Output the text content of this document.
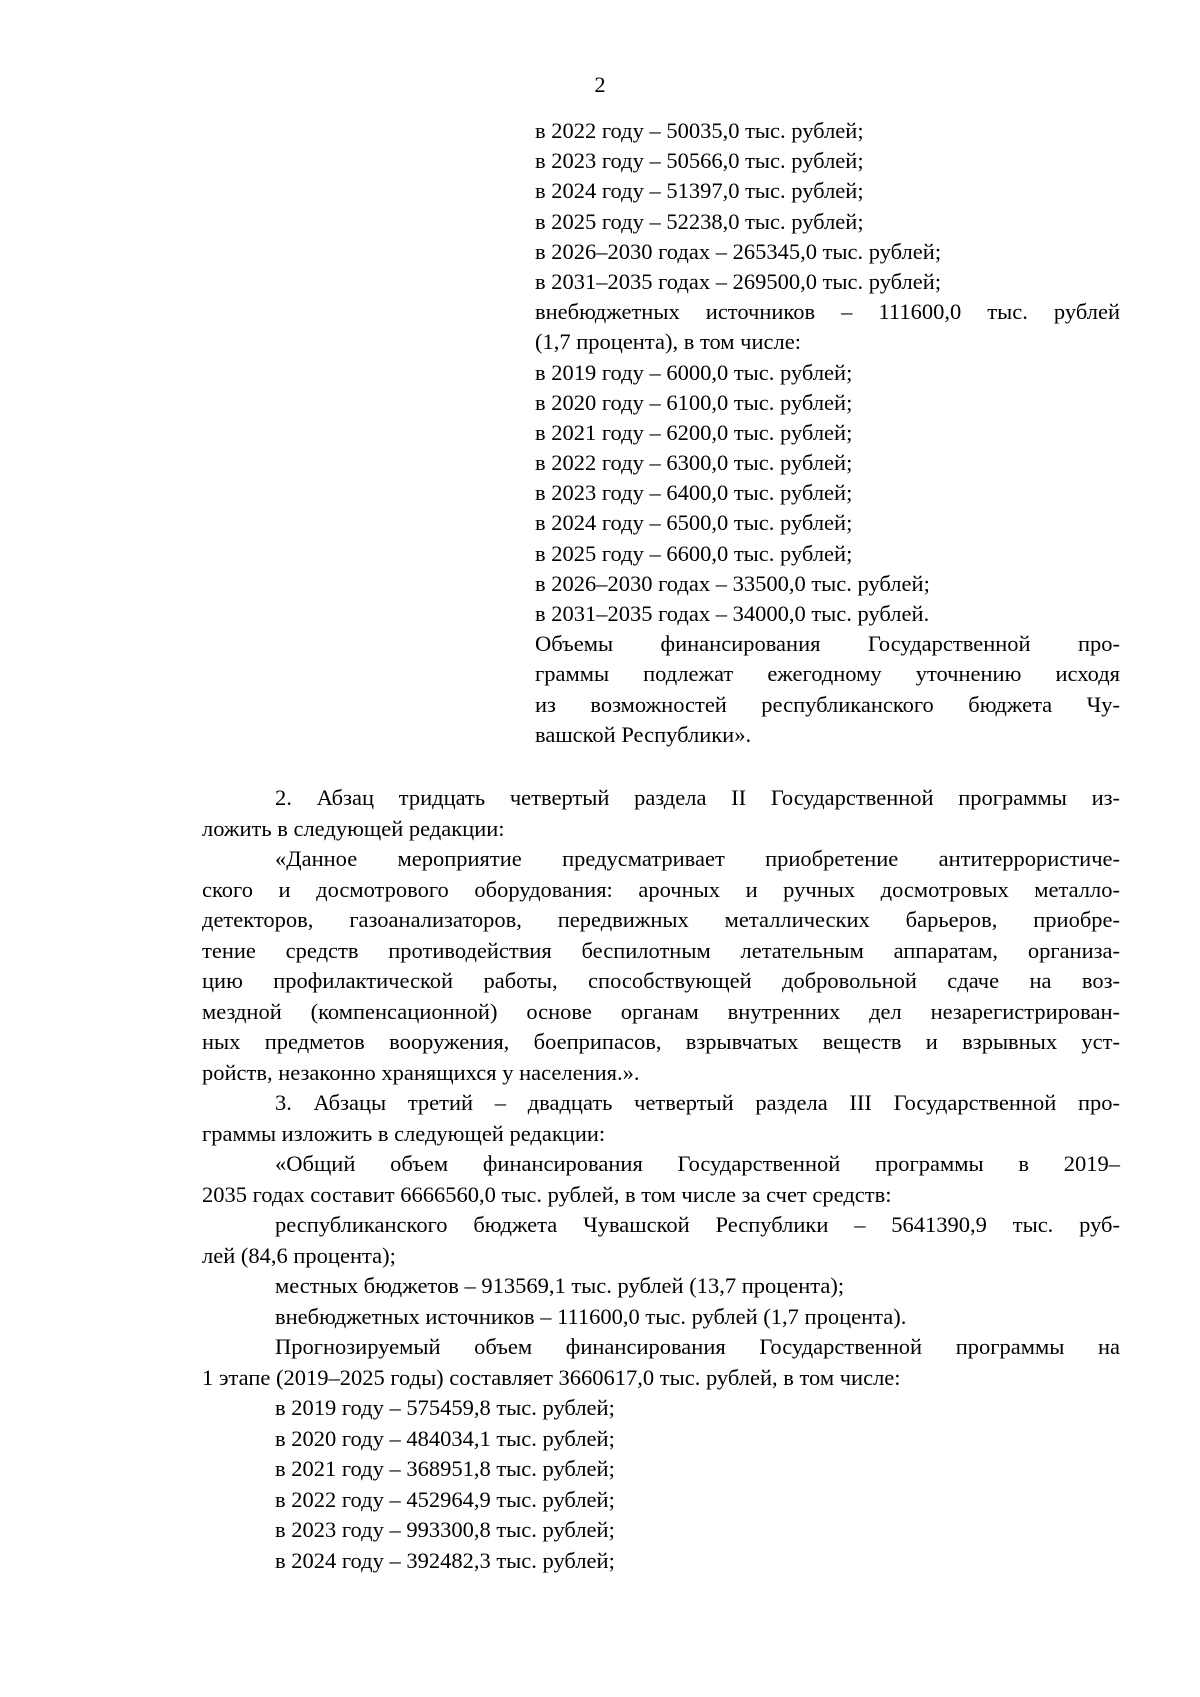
2
в 2022 году – 50035,0 тыс. рублей;
в 2023 году – 50566,0 тыс. рублей;
в 2024 году – 51397,0 тыс. рублей;
в 2025 году – 52238,0 тыс. рублей;
в 2026–2030 годах – 265345,0 тыс. рублей;
в 2031–2035 годах – 269500,0 тыс. рублей;
внебюджетных источников – 111600,0 тыс. рублей
(1,7 процента), в том числе:
в 2019 году – 6000,0 тыс. рублей;
в 2020 году – 6100,0 тыс. рублей;
в 2021 году – 6200,0 тыс. рублей;
в 2022 году – 6300,0 тыс. рублей;
в 2023 году – 6400,0 тыс. рублей;
в 2024 году – 6500,0 тыс. рублей;
в 2025 году – 6600,0 тыс. рублей;
в 2026–2030 годах – 33500,0 тыс. рублей;
в 2031–2035 годах – 34000,0 тыс. рублей.
Объемы финансирования Государственной про-
граммы подлежат ежегодному уточнению исходя
из возможностей республиканского бюджета Чу-
вашской Республики».
2. Абзац тридцать четвертый раздела II Государственной программы из-
ложить в следующей редакции:
«Данное мероприятие предусматривает приобретение антитеррористиче-
ского и досмотрового оборудования: арочных и ручных досмотровых металло-
детекторов, газоанализаторов, передвижных металлических барьеров, приобре-
тение средств противодействия беспилотным летательным аппаратам, организа-
цию профилактической работы, способствующей добровольной сдаче на воз-
мездной (компенсационной) основе органам внутренних дел незарегистрирован-
ных предметов вооружения, боеприпасов, взрывчатых веществ и взрывных уст-
ройств, незаконно хранящихся у населения.».
3. Абзацы третий – двадцать четвертый раздела III Государственной про-
граммы изложить в следующей редакции:
«Общий объем финансирования Государственной программы в 2019–
2035 годах составит 6666560,0 тыс. рублей, в том числе за счет средств:
республиканского бюджета Чувашской Республики – 5641390,9 тыс. руб-
лей (84,6 процента);
местных бюджетов – 913569,1 тыс. рублей (13,7 процента);
внебюджетных источников – 111600,0 тыс. рублей (1,7 процента).
Прогнозируемый объем финансирования Государственной программы на
1 этапе (2019–2025 годы) составляет 3660617,0 тыс. рублей, в том числе:
в 2019 году – 575459,8 тыс. рублей;
в 2020 году – 484034,1 тыс. рублей;
в 2021 году – 368951,8 тыс. рублей;
в 2022 году – 452964,9 тыс. рублей;
в 2023 году – 993300,8 тыс. рублей;
в 2024 году – 392482,3 тыс. рублей;
